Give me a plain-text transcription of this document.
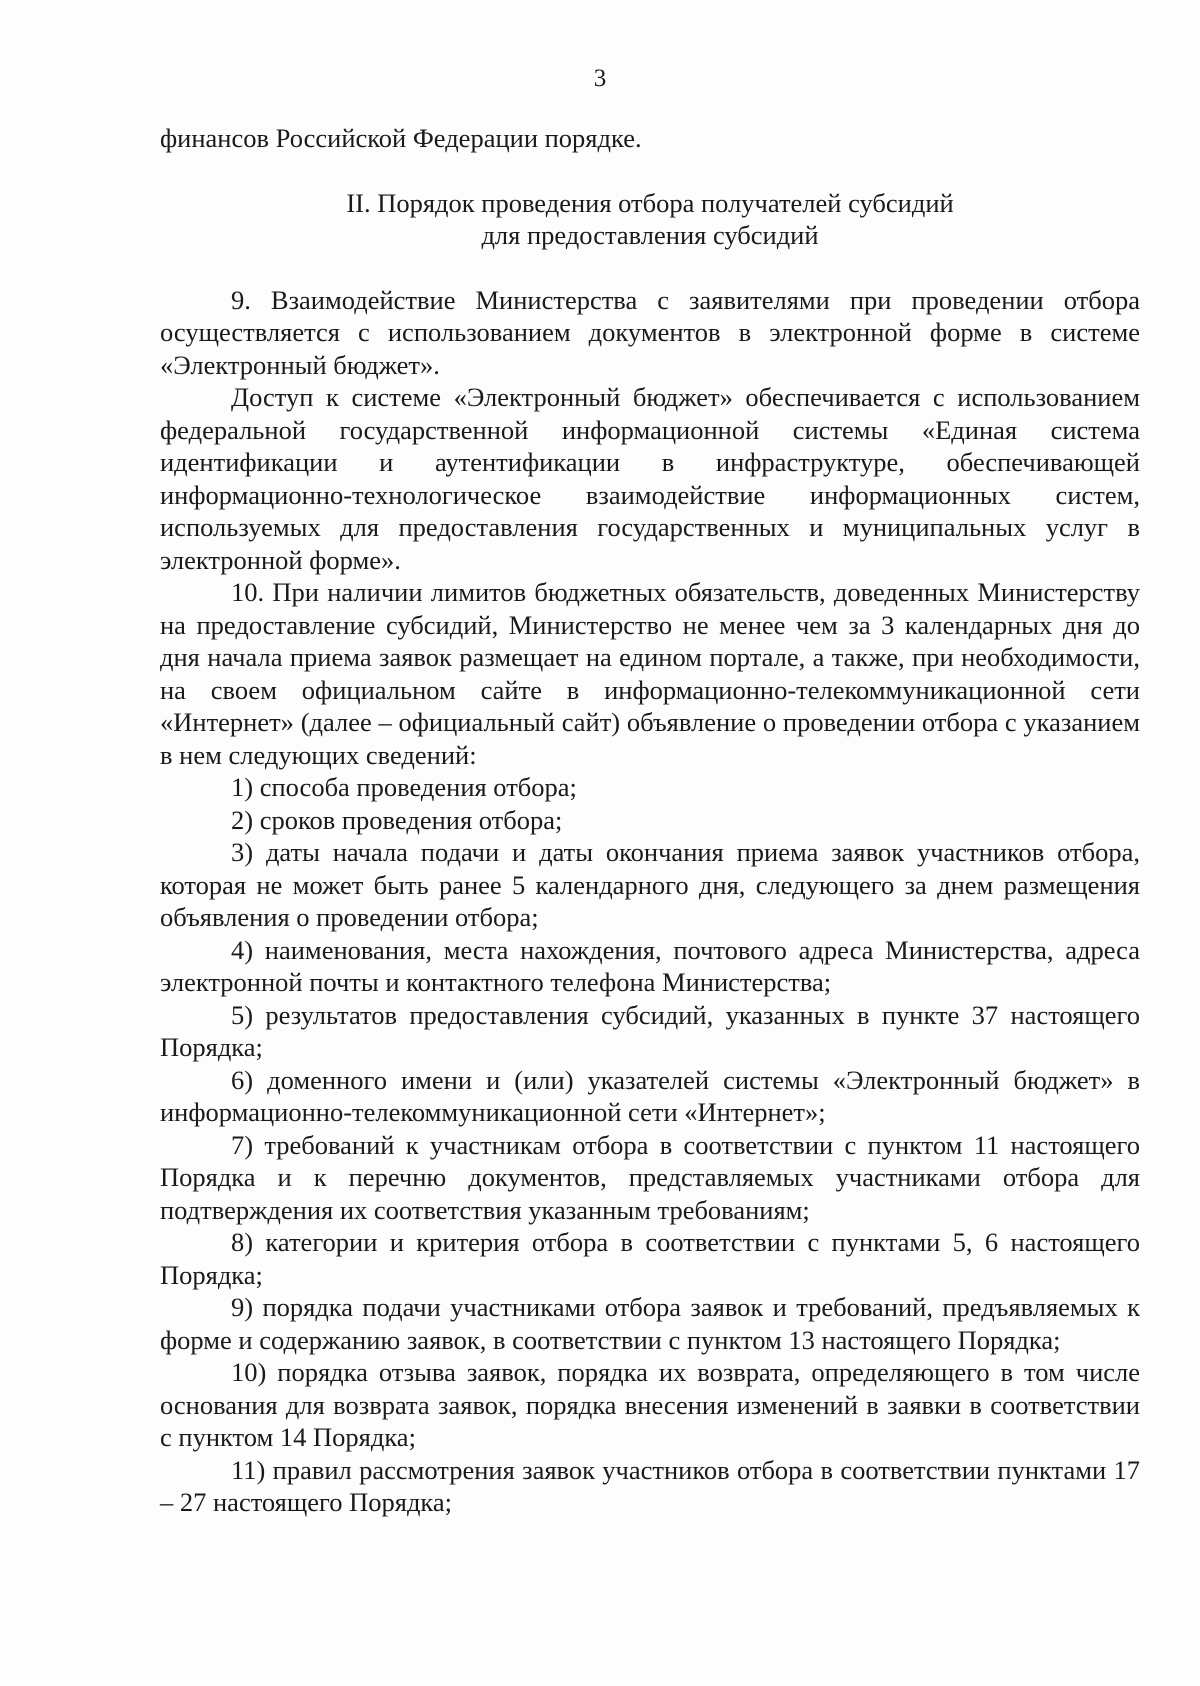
3

финансов Российской Федерации порядке.

II. Порядок проведения отбора получателей субсидий
для предоставления субсидий

9. Взаимодействие Министерства с заявителями при проведении отбора осуществляется с использованием документов в электронной форме в системе «Электронный бюджет».

Доступ к системе «Электронный бюджет» обеспечивается с использованием федеральной государственной информационной системы «Единая система идентификации и аутентификации в инфраструктуре, обеспечивающей информационно-технологическое взаимодействие информационных систем, используемых для предоставления государственных и муниципальных услуг в электронной форме».

10. При наличии лимитов бюджетных обязательств, доведенных Министерству на предоставление субсидий, Министерство не менее чем за 3 календарных дня до дня начала приема заявок размещает на едином портале, а также, при необходимости, на своем официальном сайте в информационно-телекоммуникационной сети «Интернет» (далее – официальный сайт) объявление о проведении отбора с указанием в нем следующих сведений:

1) способа проведения отбора;

2) сроков проведения отбора;

3) даты начала подачи и даты окончания приема заявок участников отбора, которая не может быть ранее 5 календарного дня, следующего за днем размещения объявления о проведении отбора;

4) наименования, места нахождения, почтового адреса Министерства, адреса электронной почты и контактного телефона Министерства;

5) результатов предоставления субсидий, указанных в пункте 37 настоящего Порядка;

6) доменного имени и (или) указателей системы «Электронный бюджет» в информационно-телекоммуникационной сети «Интернет»;

7) требований к участникам отбора в соответствии с пунктом 11 настоящего Порядка и к перечню документов, представляемых участниками отбора для подтверждения их соответствия указанным требованиям;

8) категории и критерия отбора в соответствии с пунктами 5, 6 настоящего Порядка;

9) порядка подачи участниками отбора заявок и требований, предъявляемых к форме и содержанию заявок, в соответствии с пунктом 13 настоящего Порядка;

10) порядка отзыва заявок, порядка их возврата, определяющего в том числе основания для возврата заявок, порядка внесения изменений в заявки в соответствии с пунктом 14 Порядка;

11) правил рассмотрения заявок участников отбора в соответствии пунктами 17 – 27 настоящего Порядка;
